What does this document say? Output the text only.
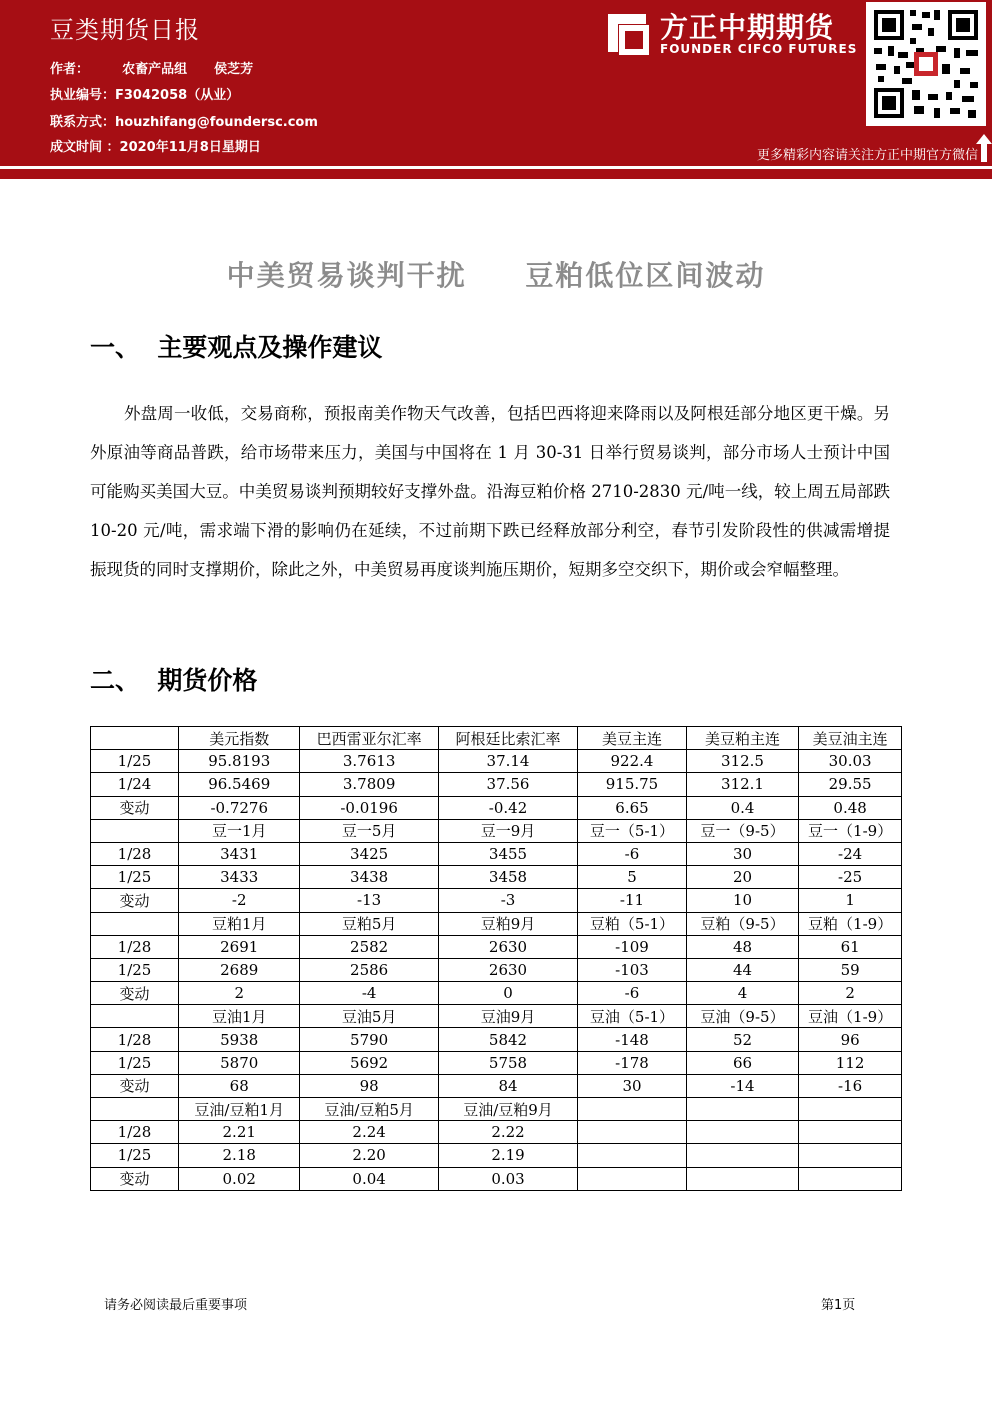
豆类期货日报
作者：	农畜产品组 侯芝芳
执业编号：F3042058（从业）
联系方式：houzhifang@foundersc.com
成文时间 ：2020年11月8日星期日
方正中期期货
FOUNDER CIFCO FUTURES
更多精彩内容请关注方正中期官方微信
中美贸易谈判干扰     豆粕低位区间波动
一、  主要观点及操作建议
外盘周一收低，交易商称，预报南美作物天气改善，包括巴西将迎来降雨以及阿根廷部分地区更干燥。另外原油等商品普跌，给市场带来压力，美国与中国将在 1 月 30-31 日举行贸易谈判，部分市场人士预计中国可能购买美国大豆。中美贸易谈判预期较好支撑外盘。沿海豆粕价格 2710-2830 元/吨一线，较上周五局部跌 10-20 元/吨，需求端下滑的影响仍在延续，不过前期下跌已经释放部分利空，春节引发阶段性的供减需增提振现货的同时支撑期价，除此之外，中美贸易再度谈判施压期价，短期多空交织下，期价或会窄幅整理。
二、  期货价格
	美元指数	巴西雷亚尔汇率	阿根廷比索汇率	美豆主连	美豆粕主连	美豆油主连
1/25	95.8193	3.7613	37.14	922.4	312.5	30.03
1/24	96.5469	3.7809	37.56	915.75	312.1	29.55
变动	-0.7276	-0.0196	-0.42	6.65	0.4	0.48
	豆一1月	豆一5月	豆一9月	豆一（5-1）	豆一（9-5）	豆一（1-9）
1/28	3431	3425	3455	-6	30	-24
1/25	3433	3438	3458	5	20	-25
变动	-2	-13	-3	-11	10	1
	豆粕1月	豆粕5月	豆粕9月	豆粕（5-1）	豆粕（9-5）	豆粕（1-9）
1/28	2691	2582	2630	-109	48	61
1/25	2689	2586	2630	-103	44	59
变动	2	-4	0	-6	4	2
	豆油1月	豆油5月	豆油9月	豆油（5-1）	豆油（9-5）	豆油（1-9）
1/28	5938	5790	5842	-148	52	96
1/25	5870	5692	5758	-178	66	112
变动	68	98	84	30	-14	-16
	豆油/豆粕1月	豆油/豆粕5月	豆油/豆粕9月			
1/28	2.21	2.24	2.22			
1/25	2.18	2.20	2.19			
变动	0.02	0.04	0.03			
请务必阅读最后重要事项	第1页
